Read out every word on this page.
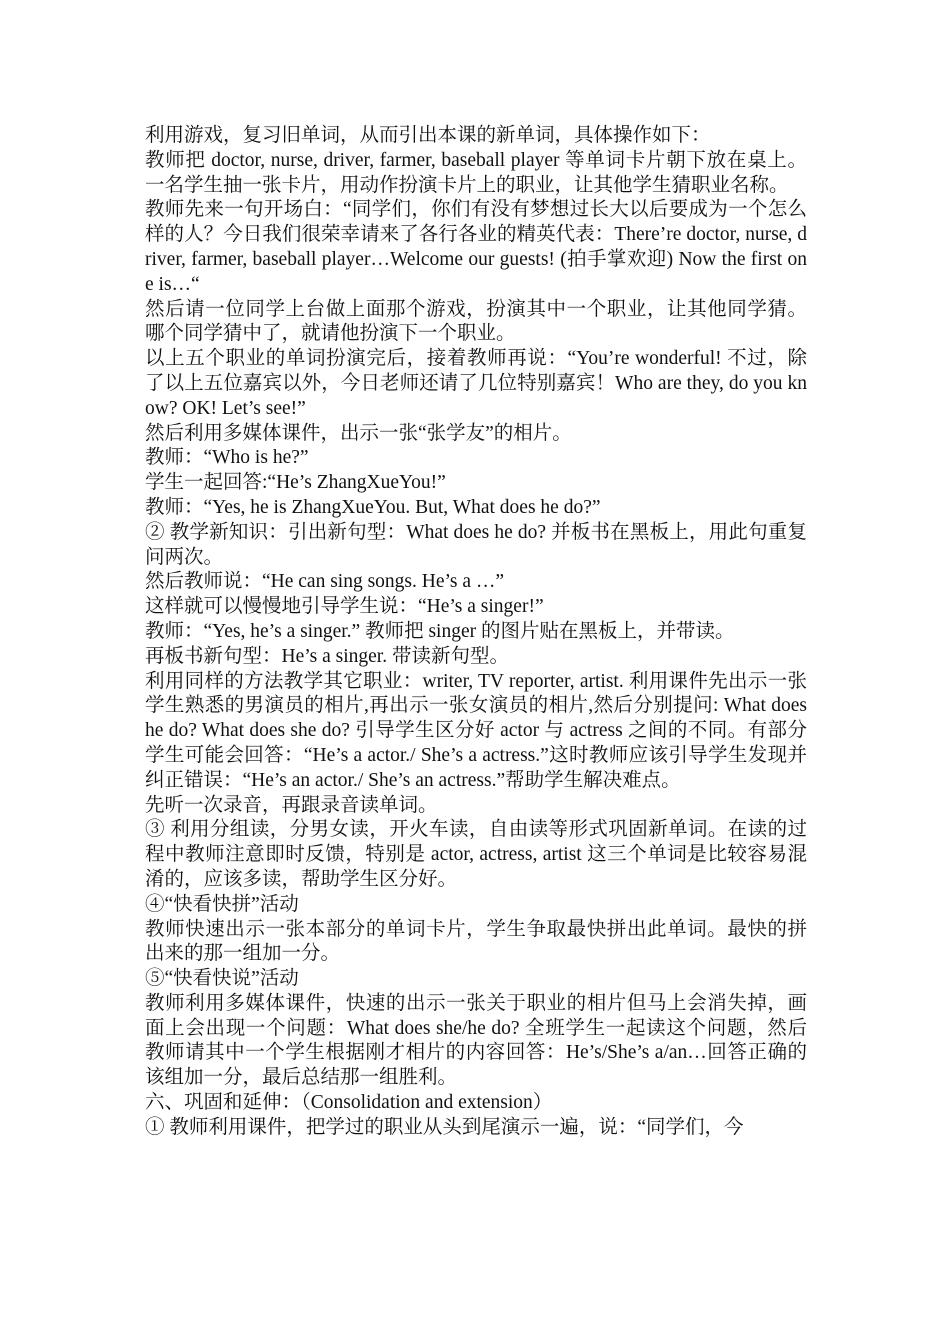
利用游戏，复习旧单词，从而引出本课的新单词，具体操作如下：

教师把 doctor, nurse, driver, farmer, baseball player 等单词卡片朝下放在桌上。一名学生抽一张卡片，用动作扮演卡片上的职业，让其他学生猜职业名称。

教师先来一句开场白：“同学们，你们有没有梦想过长大以后要成为一个怎么样的人？今日我们很荣幸请来了各行各业的精英代表：There’re doctor, nurse, driver, farmer, baseball player…Welcome our guests! (拍手掌欢迎) Now the first one is…“

然后请一位同学上台做上面那个游戏，扮演其中一个职业，让其他同学猜。哪个同学猜中了，就请他扮演下一个职业。

以上五个职业的单词扮演完后，接着教师再说：“You’re wonderful! 不过，除了以上五位嘉宾以外，今日老师还请了几位特别嘉宾！Who are they, do you know? OK! Let’s see!”

然后利用多媒体课件，出示一张“张学友”的相片。

教师：“Who is he?”

学生一起回答:“He’s ZhangXueYou!”

教师：“Yes, he is ZhangXueYou. But, What does he do?”

② 教学新知识：引出新句型：What does he do? 并板书在黑板上，用此句重复问两次。

然后教师说：“He can sing songs. He’s a …”

这样就可以慢慢地引导学生说：“He’s a singer!”

教师：“Yes, he’s a singer.” 教师把 singer 的图片贴在黑板上，并带读。

再板书新句型：He’s a singer. 带读新句型。

利用同样的方法教学其它职业：writer, TV reporter, artist. 利用课件先出示一张学生熟悉的男演员的相片,再出示一张女演员的相片,然后分别提问: What does he do? What does she do? 引导学生区分好 actor 与 actress 之间的不同。有部分学生可能会回答：“He’s a actor./ She’s a actress.”这时教师应该引导学生发现并纠正错误：“He’s an actor./ She’s an actress.”帮助学生解决难点。

先听一次录音，再跟录音读单词。

③ 利用分组读，分男女读，开火车读，自由读等形式巩固新单词。在读的过程中教师注意即时反馈，特别是 actor, actress, artist 这三个单词是比较容易混淆的，应该多读，帮助学生区分好。

④“快看快拼”活动

教师快速出示一张本部分的单词卡片，学生争取最快拼出此单词。最快的拼出来的那一组加一分。

⑤“快看快说”活动

教师利用多媒体课件，快速的出示一张关于职业的相片但马上会消失掉，画面上会出现一个问题：What does she/he do? 全班学生一起读这个问题，然后教师请其中一个学生根据刚才相片的内容回答：He’s/She’s a/an…回答正确的该组加一分，最后总结那一组胜利。

六、巩固和延伸：（Consolidation and extension）

① 教师利用课件，把学过的职业从头到尾演示一遍，说：“同学们，今
